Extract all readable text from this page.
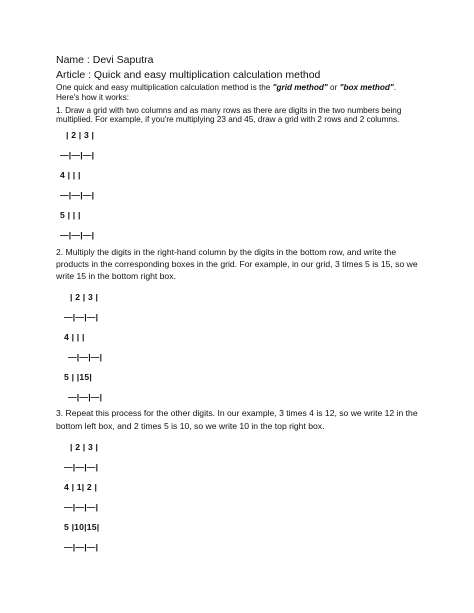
Name : Devi Saputra
Article : Quick and easy multiplication calculation method
One quick and easy multiplication calculation method is the "grid method" or "box method".
Here's how it works:
1. Draw a grid with two columns and as many rows as there are digits in the two numbers being
multiplied. For example, if you're multiplying 23 and 45, draw a grid with 2 rows and 2 columns.
| 2 | 3 |
—|—|—|
4 | | |
—|—|—|
5 | | |
—|—|—|
2. Multiply the digits in the right-hand column by the digits in the bottom row, and write the
products in the corresponding boxes in the grid. For example, in our grid, 3 times 5 is 15, so we
write 15 in the bottom right box.
| 2 | 3 |
—|—|—|
4 | | |
—|—|—|
5 | |15|
—|—|—|
3. Repeat this process for the other digits. In our example, 3 times 4 is 12, so we write 12 in the
bottom left box, and 2 times 5 is 10, so we write 10 in the top right box.
| 2 | 3 |
—|—|—|
4 | 1| 2 |
—|—|—|
5 |10|15|
—|—|—|
